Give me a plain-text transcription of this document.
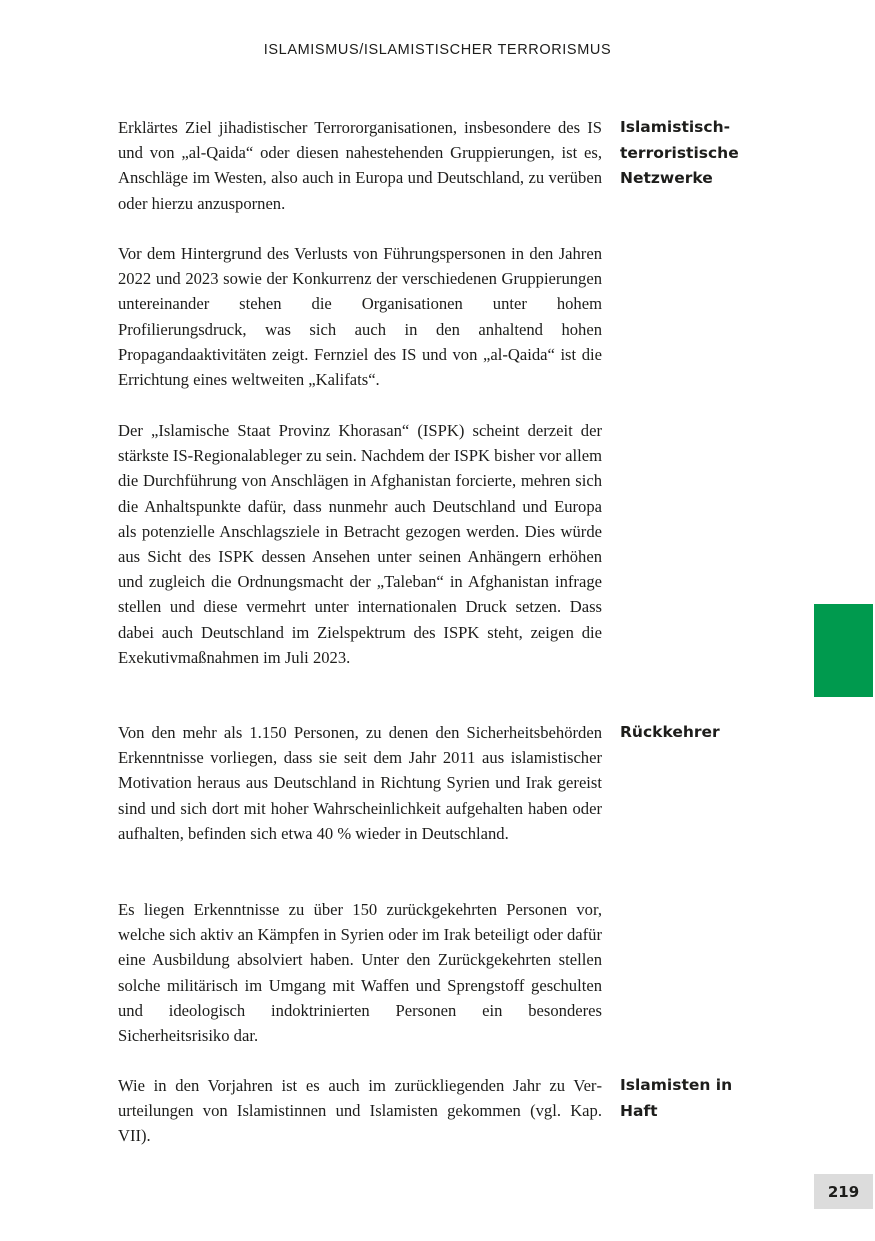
ISLAMISMUS/ISLAMISTISCHER TERRORISMUS

Erklärtes Ziel jihadistischer Terrororganisationen, insbesondere des IS und von „al-Qaida“ oder diesen nahestehenden Gruppierungen, ist es, Anschläge im Westen, also auch in Europa und Deutschland, zu verüben oder hierzu anzuspornen.

Islamistisch-terroristische Netzwerke

Vor dem Hintergrund des Verlusts von Führungspersonen in den Jahren 2022 und 2023 sowie der Konkurrenz der verschiedenen Gruppierungen untereinander stehen die Organisationen unter hohem Profilierungsdruck, was sich auch in den anhaltend hohen Propagandaaktivitäten zeigt. Fernziel des IS und von „al-Qaida“ ist die Errichtung eines weltweiten „Kalifats“.

Der „Islamische Staat Provinz Khorasan“ (ISPK) scheint derzeit der stärkste IS-Regionalableger zu sein. Nachdem der ISPK bisher vor allem die Durchführung von Anschlägen in Afghanistan forcierte, mehren sich die Anhaltspunkte dafür, dass nunmehr auch Deutschland und Europa als potenzielle Anschlagsziele in Betracht gezogen werden. Dies würde aus Sicht des ISPK dessen Ansehen unter seinen Anhängern erhöhen und zugleich die Ordnungsmacht der „Taleban“ in Afghanistan infrage stellen und diese vermehrt unter internationalen Druck setzen. Dass dabei auch Deutschland im Zielspektrum des ISPK steht, zeigen die Exekutivmaßnahmen im Juli 2023.

Von den mehr als 1.150 Personen, zu denen den Sicherheitsbehörden Erkenntnisse vorliegen, dass sie seit dem Jahr 2011 aus islamistischer Motivation heraus aus Deutschland in Richtung Syrien und Irak gereist sind und sich dort mit hoher Wahrscheinlichkeit aufgehalten haben oder aufhalten, befinden sich etwa 40 % wieder in Deutschland.

Rückkehrer

Es liegen Erkenntnisse zu über 150 zurückgekehrten Personen vor, welche sich aktiv an Kämpfen in Syrien oder im Irak beteiligt oder dafür eine Ausbildung absolviert haben. Unter den Zurückgekehrten stellen solche militärisch im Umgang mit Waffen und Sprengstoff geschulten und ideologisch indoktrinierten Personen ein besonderes Sicherheitsrisiko dar.

Wie in den Vorjahren ist es auch im zurückliegenden Jahr zu Verurteilungen von Islamistinnen und Islamisten gekommen (vgl. Kap. VII).

Islamisten in Haft
219
